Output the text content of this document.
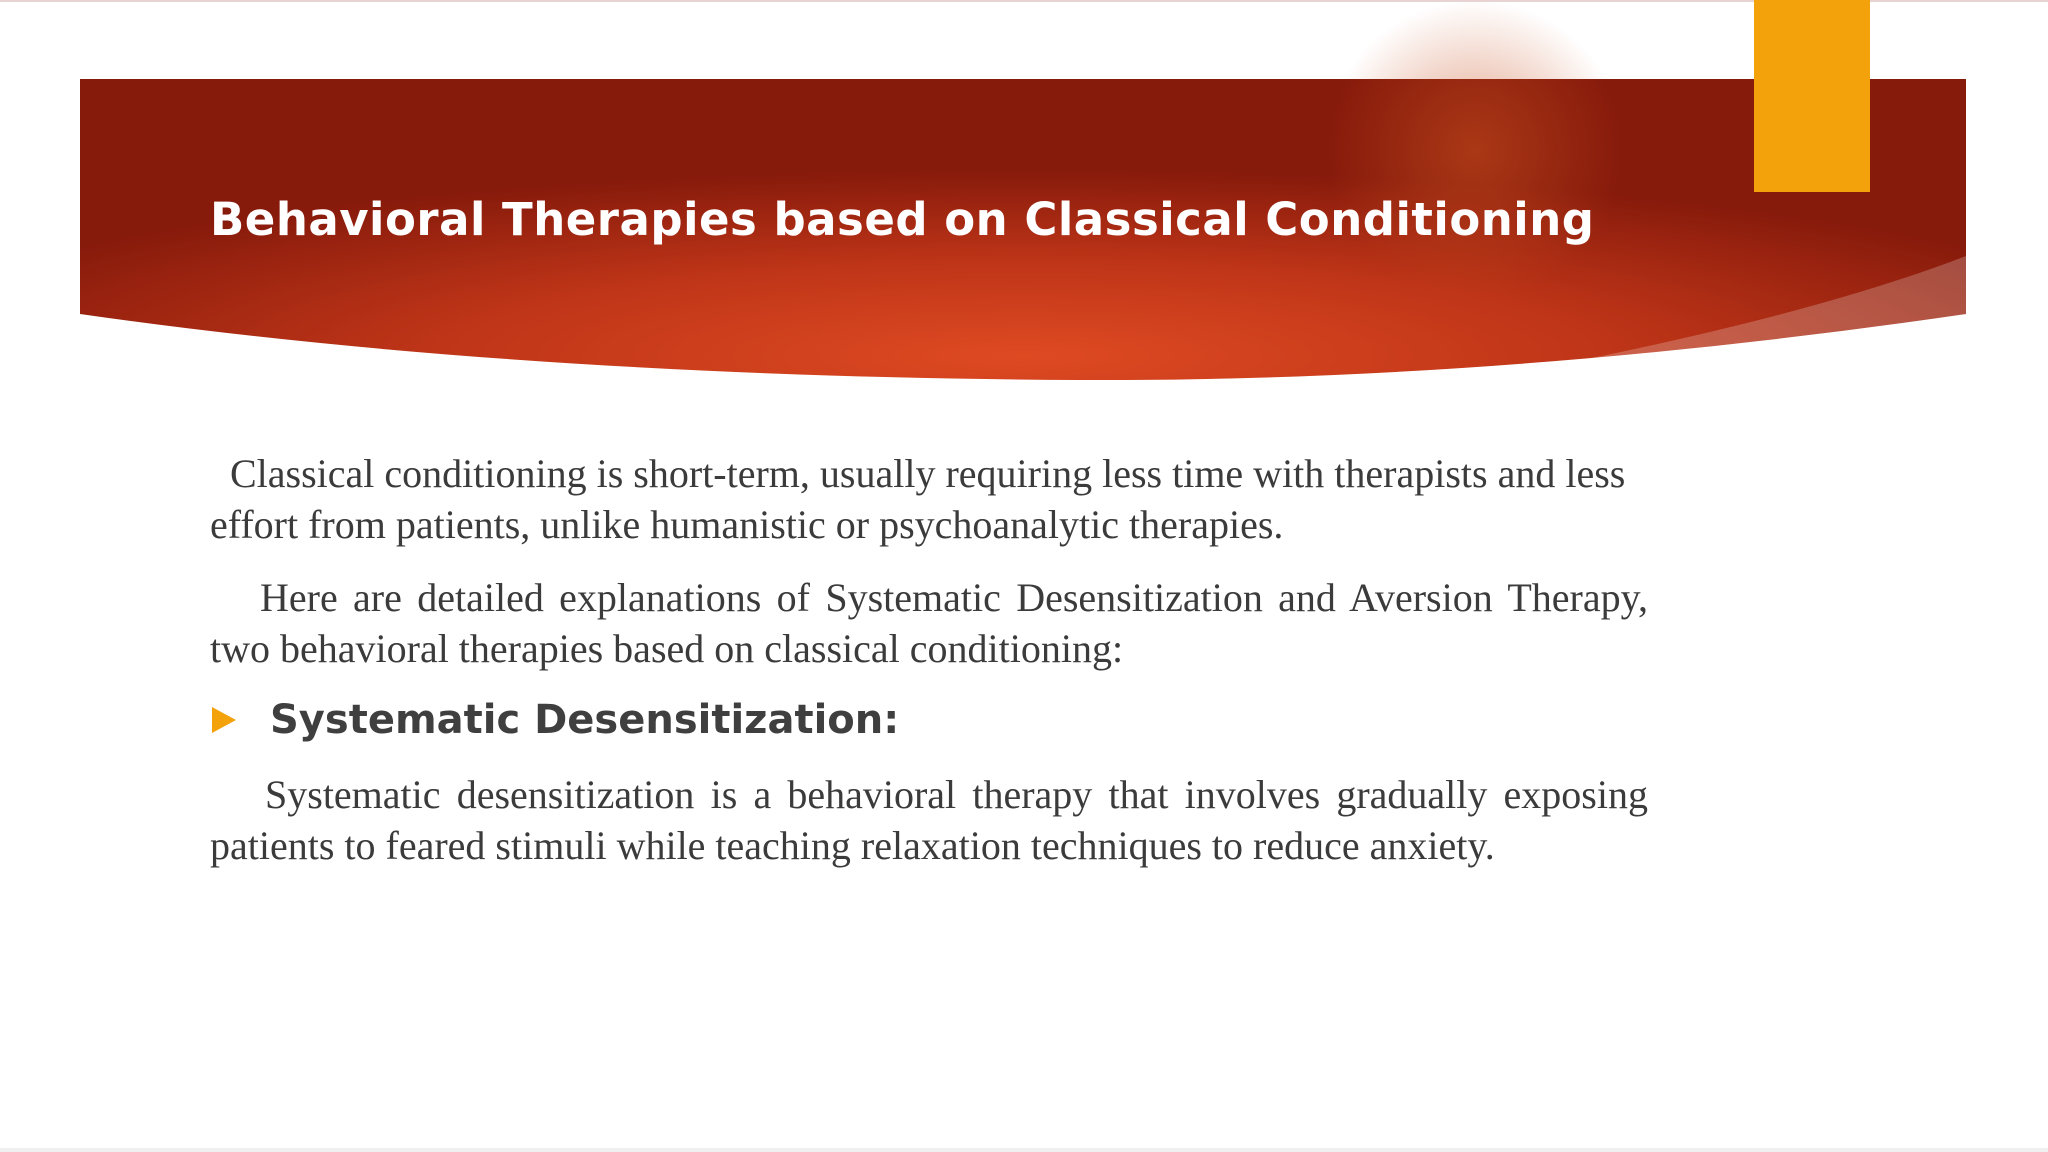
Behavioral Therapies based on Classical Conditioning

Classical conditioning is short-term, usually requiring less time with therapists and less effort from patients, unlike humanistic or psychoanalytic therapies.

Here are detailed explanations of Systematic Desensitization and Aversion Therapy, two behavioral therapies based on classical conditioning:

Systematic Desensitization:

Systematic desensitization is a behavioral therapy that involves gradually exposing patients to feared stimuli while teaching relaxation techniques to reduce anxiety.
